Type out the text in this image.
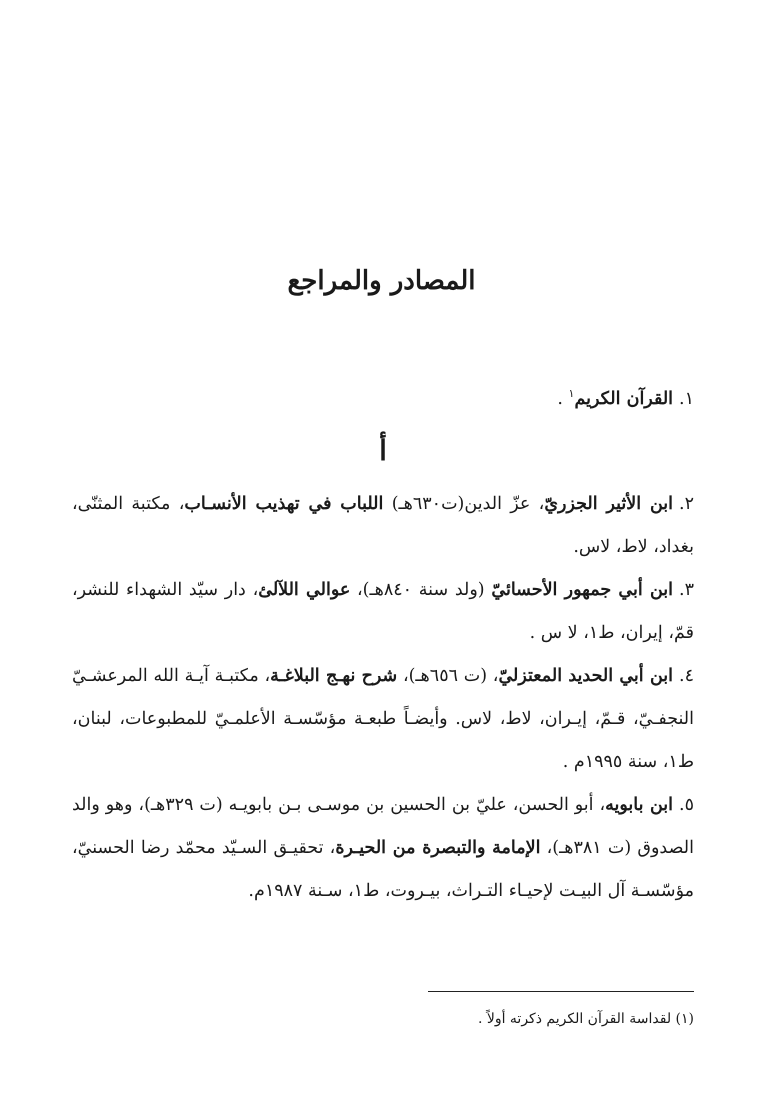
المصادر والمراجع

١.القرآن الكريم$^١$ .

أ

٢.ابن الأثير الجزريّ، عزّ الدين(ت٦٣٠هـ) اللباب في تهذيب الأنسـاب، مكتبة المثنّى، بغداد، لاط، لاس.

٣.ابن أبي جمهور الأحسائيّ (ولد سنة ٨٤٠هـ)، عوالي اللآلئ، دار سيّد الشهداء للنشر، قمّ، إيران، ط١، لا س .

٤.ابن أبي الحديد المعتزليّ، (ت ٦٥٦هـ)، شرح نهـج البلاغـة، مكتبـة آيـة الله المرعشـيّ النجفـيّ، قـمّ، إيـران، لاط، لاس. وأيضـاً طبعـة مؤسّسـة الأعلمـيّ للمطبوعات، لبنان، ط١، سنة ١٩٩٥م .

٥.ابن بابويه، أبو الحسن، عليّ بن الحسين بن موسـى بـن بابويـه (ت ٣٢٩هـ)، وهو والد الصدوق (ت ٣٨١هـ)، الإمامة والتبصرة من الحيـرة، تحقيـق السـيّد محمّد رضا الحسنيّ، مؤسّسـة آل البيـت لإحيـاء التـراث، بيـروت، ط١، سـنة ١٩٨٧م.

(١) لقداسة القرآن الكريم ذكرته أولاً .
